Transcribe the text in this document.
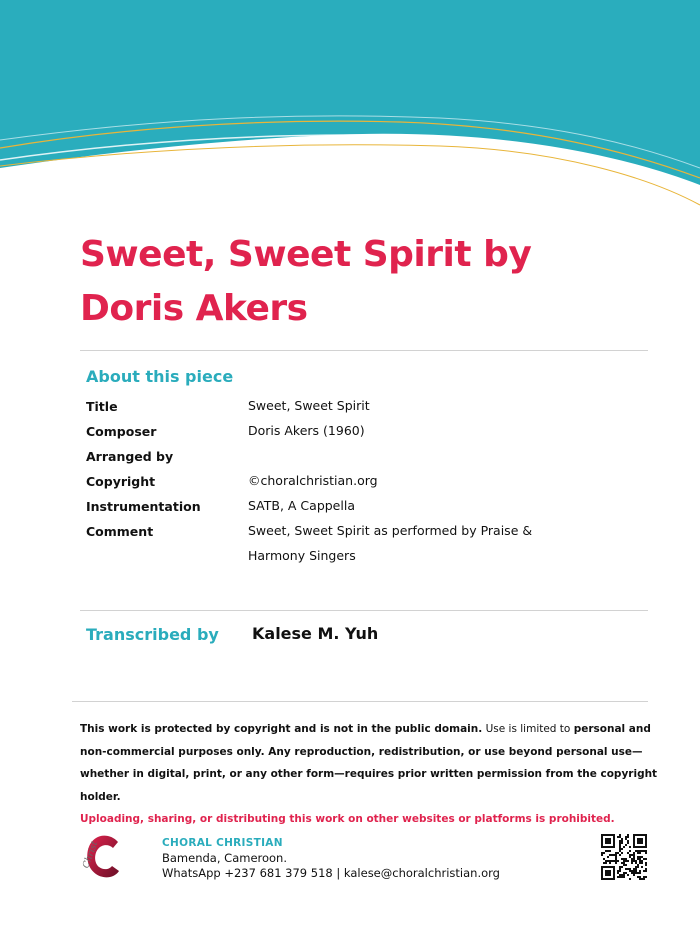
Sweet, Sweet Spirit by Doris Akers
About this piece
Title	Sweet, Sweet Spirit
Composer	Doris Akers (1960)
Arranged by
Copyright	©choralchristian.org
Instrumentation	SATB, A Cappella
Comment	Sweet, Sweet Spirit as performed by Praise & Harmony Singers
Transcribed by Kalese M. Yuh

This work is protected by copyright and is not in the public domain. Use is limited to personal and non-commercial purposes only. Any reproduction, redistribution, or use beyond personal use—whether in digital, print, or any other form—requires prior written permission from the copyright holder.

Uploading, sharing, or distributing this work on other websites or platforms is prohibited.

Christ	CHORAL CHRISTIAN
Bamenda, Cameroon.
WhatsApp +237 681 379 518 | kalese@choralchristian.org
